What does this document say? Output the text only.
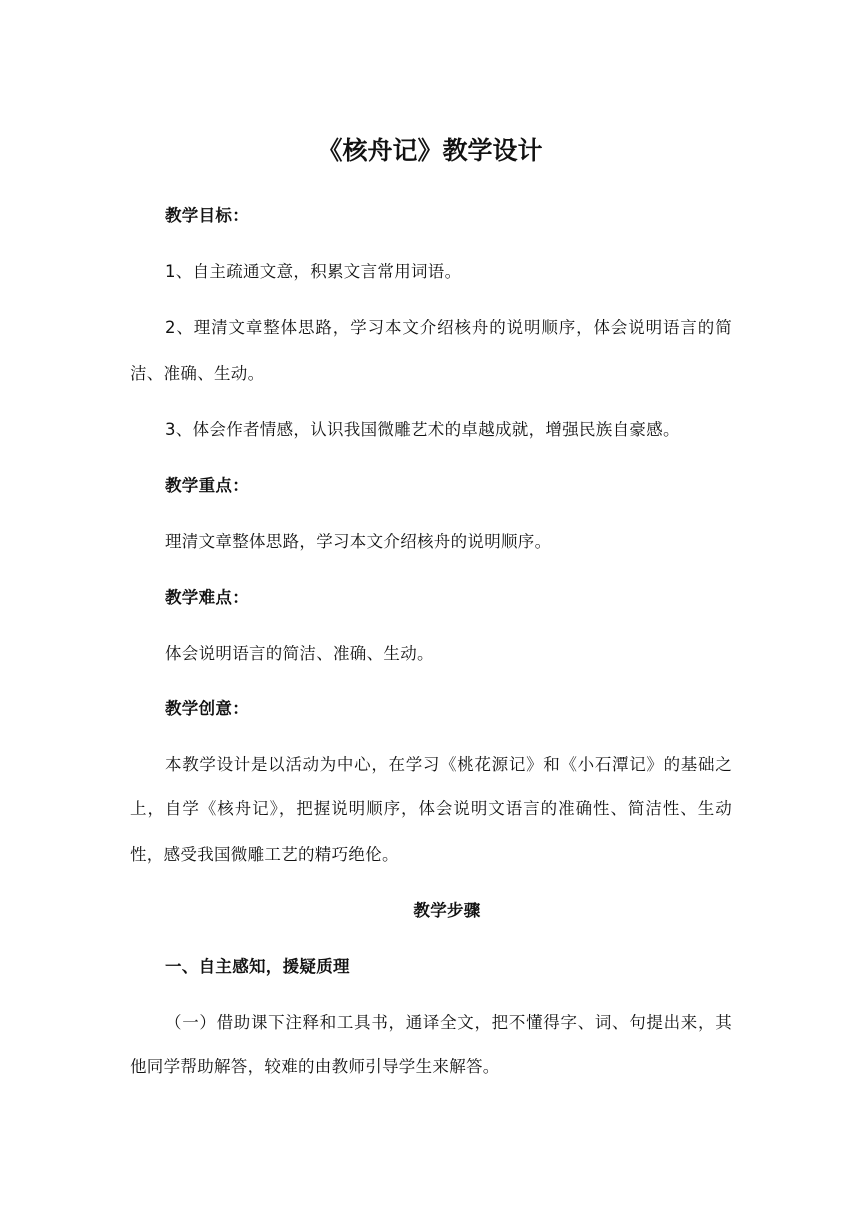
《核舟记》教学设计
教学目标：
1、自主疏通文意，积累文言常用词语。
2、理清文章整体思路，学习本文介绍核舟的说明顺序，体会说明语言的简
洁、准确、生动。
3、体会作者情感，认识我国微雕艺术的卓越成就，增强民族自豪感。
教学重点：
理清文章整体思路，学习本文介绍核舟的说明顺序。
教学难点：
体会说明语言的简洁、准确、生动。
教学创意：
本教学设计是以活动为中心，在学习《桃花源记》和《小石潭记》的基础之
上，自学《核舟记》，把握说明顺序，体会说明文语言的准确性、简洁性、生动
性，感受我国微雕工艺的精巧绝伦。
教学步骤
一、自主感知，援疑质理
（一）借助课下注释和工具书，通译全文，把不懂得字、词、句提出来，其
他同学帮助解答，较难的由教师引导学生来解答。
